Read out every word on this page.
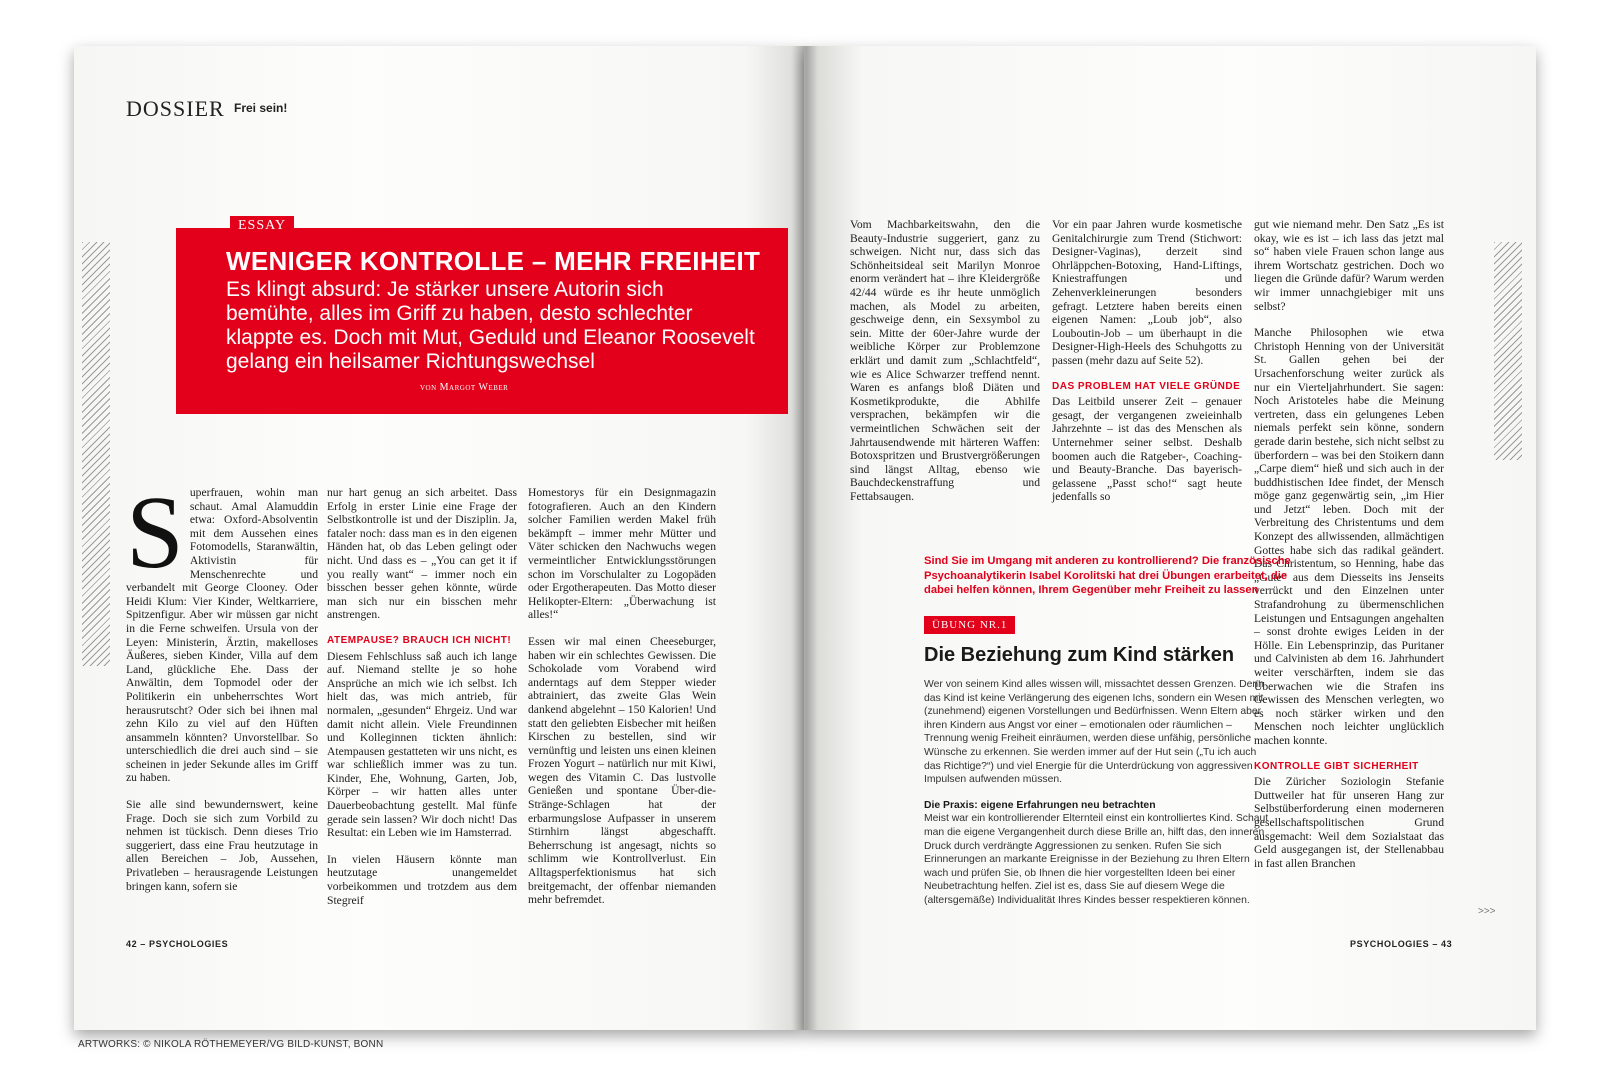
DOSSIER Frei sein!
ESSAY
WENIGER KONTROLLE – MEHR FREIHEIT
Es klingt absurd: Je stärker unsere Autorin sich bemühte, alles im Griff zu haben, desto schlechter klappte es. Doch mit Mut, Geduld und Eleanor Roosevelt gelang ein heilsamer Richtungswechsel
von Margot Weber

Superfrauen, wohin man schaut. Amal Alamuddin etwa: Oxford-Absolventin mit dem Aussehen eines Fotomodells, Staranwältin, Aktivistin für Menschenrechte und verbandelt mit George Clooney. Oder Heidi Klum: Vier Kinder, Weltkarriere, Spitzenfigur. Aber wir müssen gar nicht in die Ferne schweifen. Ursula von der Leyen: Ministerin, Ärztin, makelloses Äußeres, sieben Kinder, Villa auf dem Land, glückliche Ehe. Dass der Anwältin, dem Topmodel oder der Politikerin ein unbeherrschtes Wort herausrutscht? Oder sich bei ihnen mal zehn Kilo zu viel auf den Hüften ansammeln könnten? Unvorstellbar. So unterschiedlich die drei auch sind – sie scheinen in jeder Sekunde alles im Griff zu haben.

Sie alle sind bewundernswert, keine Frage. Doch sie sich zum Vorbild zu nehmen ist tückisch. Denn dieses Trio suggeriert, dass eine Frau heutzutage in allen Bereichen – Job, Aussehen, Privatleben – herausragende Leistungen bringen kann, sofern sie

nur hart genug an sich arbeitet. Dass Erfolg in erster Linie eine Frage der Selbstkontrolle ist und der Disziplin. Ja, fataler noch: dass man es in den eigenen Händen hat, ob das Leben gelingt oder nicht. Und dass es – „You can get it if you really want“ – immer noch ein bisschen besser gehen könnte, würde man sich nur ein bisschen mehr anstrengen.

ATEMPAUSE? BRAUCH ICH NICHT!

Diesem Fehlschluss saß auch ich lange auf. Niemand stellte je so hohe Ansprüche an mich wie ich selbst. Ich hielt das, was mich antrieb, für normalen, „gesunden“ Ehrgeiz. Und war damit nicht allein. Viele Freundinnen und Kolleginnen tickten ähnlich: Atempausen gestatteten wir uns nicht, es war schließlich immer was zu tun. Kinder, Ehe, Wohnung, Garten, Job, Körper – wir hatten alles unter Dauerbeobachtung gestellt. Mal fünfe gerade sein lassen? Wir doch nicht! Das Resultat: ein Leben wie im Hamsterrad.

In vielen Häusern könnte man heutzutage unangemeldet vorbeikommen und trotzdem aus dem Stegreif

Homestorys für ein Designmagazin fotografieren. Auch an den Kindern solcher Familien werden Makel früh bekämpft – immer mehr Mütter und Väter schicken den Nachwuchs wegen vermeintlicher Entwicklungsstörungen schon im Vorschulalter zu Logopäden oder Ergotherapeuten. Das Motto dieser Helikopter-Eltern: „Überwachung ist alles!“

Essen wir mal einen Cheeseburger, haben wir ein schlechtes Gewissen. Die Schokolade vom Vorabend wird anderntags auf dem Stepper wieder abtrainiert, das zweite Glas Wein dankend abgelehnt – 150 Kalorien! Und statt den geliebten Eisbecher mit heißen Kirschen zu bestellen, sind wir vernünftig und leisten uns einen kleinen Frozen Yogurt – natürlich nur mit Kiwi, wegen des Vitamin C. Das lustvolle Genießen und spontane Über-die-Stränge-Schlagen hat der erbarmungslose Aufpasser in unserem Stirnhirn längst abgeschafft. Beherrschung ist angesagt, nichts so schlimm wie Kontrollverlust. Ein Alltagsperfektionismus hat sich breitgemacht, der offenbar niemanden mehr befremdet.

42 – PSYCHOLOGIES

Vom Machbarkeitswahn, den die Beauty-Industrie suggeriert, ganz zu schweigen. Nicht nur, dass sich das Schönheitsideal seit Marilyn Monroe enorm verändert hat – ihre Kleidergröße 42/44 würde es ihr heute unmöglich machen, als Model zu arbeiten, geschweige denn, ein Sexsymbol zu sein. Mitte der 60er-Jahre wurde der weibliche Körper zur Problemzone erklärt und damit zum „Schlachtfeld“, wie es Alice Schwarzer treffend nennt. Waren es anfangs bloß Diäten und Kosmetikprodukte, die Abhilfe versprachen, bekämpfen wir die vermeintlichen Schwächen seit der Jahrtausendwende mit härteren Waffen: Botoxspritzen und Brustvergrößerungen sind längst Alltag, ebenso wie Bauchdeckenstraffung und Fettabsaugen.

Vor ein paar Jahren wurde kosmetische Genitalchirurgie zum Trend (Stichwort: Designer-Vaginas), derzeit sind Ohrläppchen-Botoxing, Hand-Liftings, Kniestraffungen und Zehenverkleinerungen besonders gefragt. Letztere haben bereits einen eigenen Namen: „Loub job“, also Louboutin-Job – um überhaupt in die Designer-High-Heels des Schuhgotts zu passen (mehr dazu auf Seite 52).

DAS PROBLEM HAT VIELE GRÜNDE

Das Leitbild unserer Zeit – genauer gesagt, der vergangenen zweieinhalb Jahrzehnte – ist das des Menschen als Unternehmer seiner selbst. Deshalb boomen auch die Ratgeber-, Coaching- und Beauty-Branche. Das bayerisch-gelassene „Passt scho!“ sagt heute jedenfalls so

gut wie niemand mehr. Den Satz „Es ist okay, wie es ist – ich lass das jetzt mal so“ haben viele Frauen schon lange aus ihrem Wortschatz gestrichen. Doch wo liegen die Gründe dafür? Warum werden wir immer unnachgiebiger mit uns selbst?

Manche Philosophen wie etwa Christoph Henning von der Universität St. Gallen gehen bei der Ursachenforschung weiter zurück als nur ein Vierteljahrhundert. Sie sagen: Noch Aristoteles habe die Meinung vertreten, dass ein gelungenes Leben niemals perfekt sein könne, sondern gerade darin bestehe, sich nicht selbst zu überfordern – was bei den Stoikern dann „Carpe diem“ hieß und sich auch in der buddhistischen Idee findet, der Mensch möge ganz gegenwärtig sein, „im Hier und Jetzt“ leben. Doch mit der Verbreitung des Christentums und dem Konzept des allwissenden, allmächtigen Gottes habe sich das radikal geändert. Das Christentum, so Henning, habe das „Gute“ aus dem Diesseits ins Jenseits verrückt und den Einzelnen unter Strafandrohung zu übermenschlichen Leistungen und Entsagungen angehalten – sonst drohte ewiges Leiden in der Hölle. Ein Lebensprinzip, das Puritaner und Calvinisten ab dem 16. Jahrhundert weiter verschärften, indem sie das Überwachen wie die Strafen ins Gewissen des Menschen verlegten, wo es noch stärker wirken und den Menschen noch leichter unglücklich machen konnte.

KONTROLLE GIBT SICHERHEIT

Die Züricher Soziologin Stefanie Duttweiler hat für unseren Hang zur Selbstüberforderung einen moderneren gesellschaftspolitischen Grund ausgemacht: Weil dem Sozialstaat das Geld ausgegangen ist, der Stellenabbau in fast allen Branchen

>>>
Sind Sie im Umgang mit anderen zu kontrollierend? Die französische Psychoanalytikerin Isabel Korolitski hat drei Übungen erarbeitet, die dabei helfen können, Ihrem Gegenüber mehr Freiheit zu lassen
ÜBUNG NR.1
Die Beziehung zum Kind stärken

Wer von seinem Kind alles wissen will, missachtet dessen Grenzen. Denn das Kind ist keine Verlängerung des eigenen Ichs, sondern ein Wesen mit (zunehmend) eigenen Vorstellungen und Bedürfnissen. Wenn Eltern aber ihren Kindern aus Angst vor einer – emotionalen oder räumlichen – Trennung wenig Freiheit einräumen, werden diese unfähig, persönliche Wünsche zu erkennen. Sie werden immer auf der Hut sein („Tu ich auch das Richtige?“) und viel Energie für die Unterdrückung von aggressiven Impulsen aufwenden müssen.

Die Praxis: eigene Erfahrungen neu betrachten

Meist war ein kontrollierender Elternteil einst ein kontrolliertes Kind. Schaut man die eigene Vergangenheit durch diese Brille an, hilft das, den inneren Druck durch verdrängte Aggressionen zu senken. Rufen Sie sich Erinnerungen an markante Ereignisse in der Beziehung zu Ihren Eltern wach und prüfen Sie, ob Ihnen die hier vorgestellten Ideen bei einer Neubetrachtung helfen. Ziel ist es, dass Sie auf diesem Wege die (altersgemäße) Individualität Ihres Kindes besser respektieren können.

PSYCHOLOGIES – 43
ARTWORKS: © NIKOLA RÖTHEMEYER/VG BILD-KUNST, BONN
